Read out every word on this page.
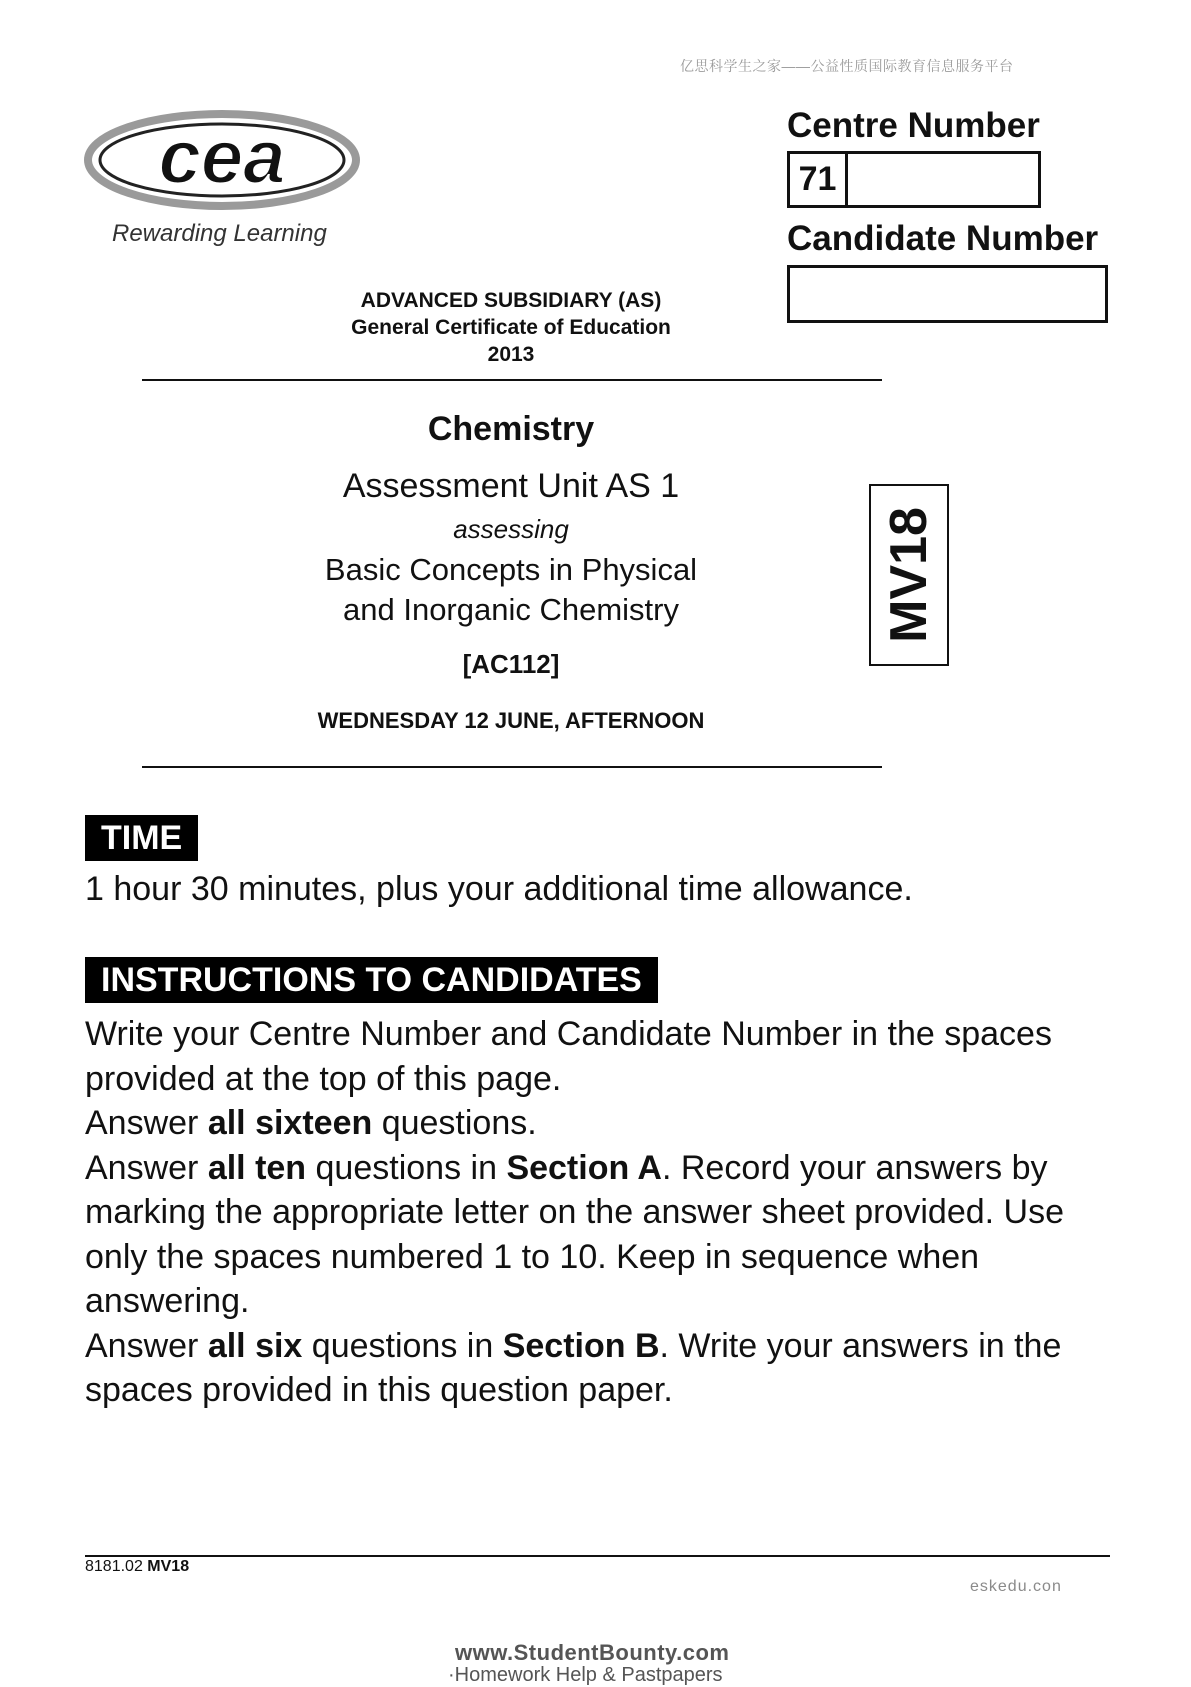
亿思科学生之家——公益性质国际教育信息服务平台
cea
Rewarding Learning
Centre Number
71
Candidate Number
ADVANCED SUBSIDIARY (AS)
General Certificate of Education
2013
Chemistry
Assessment Unit AS 1
assessing
Basic Concepts in Physical
and Inorganic Chemistry
[AC112]
WEDNESDAY 12 JUNE, AFTERNOON
MV18
TIME
1 hour 30 minutes, plus your additional time allowance.
INSTRUCTIONS TO CANDIDATES

Write your Centre Number and Candidate Number in the spaces provided at the top of this page.

Answer all sixteen questions.

Answer all ten questions in Section A. Record your answers by marking the appropriate letter on the answer sheet provided. Use only the spaces numbered 1 to 10. Keep in sequence when answering.

Answer all six questions in Section B. Write your answers in the spaces provided in this question paper.

8181.02 MV18
eskedu.con
www.StudentBounty.com
·Homework Help & Pastpapers
